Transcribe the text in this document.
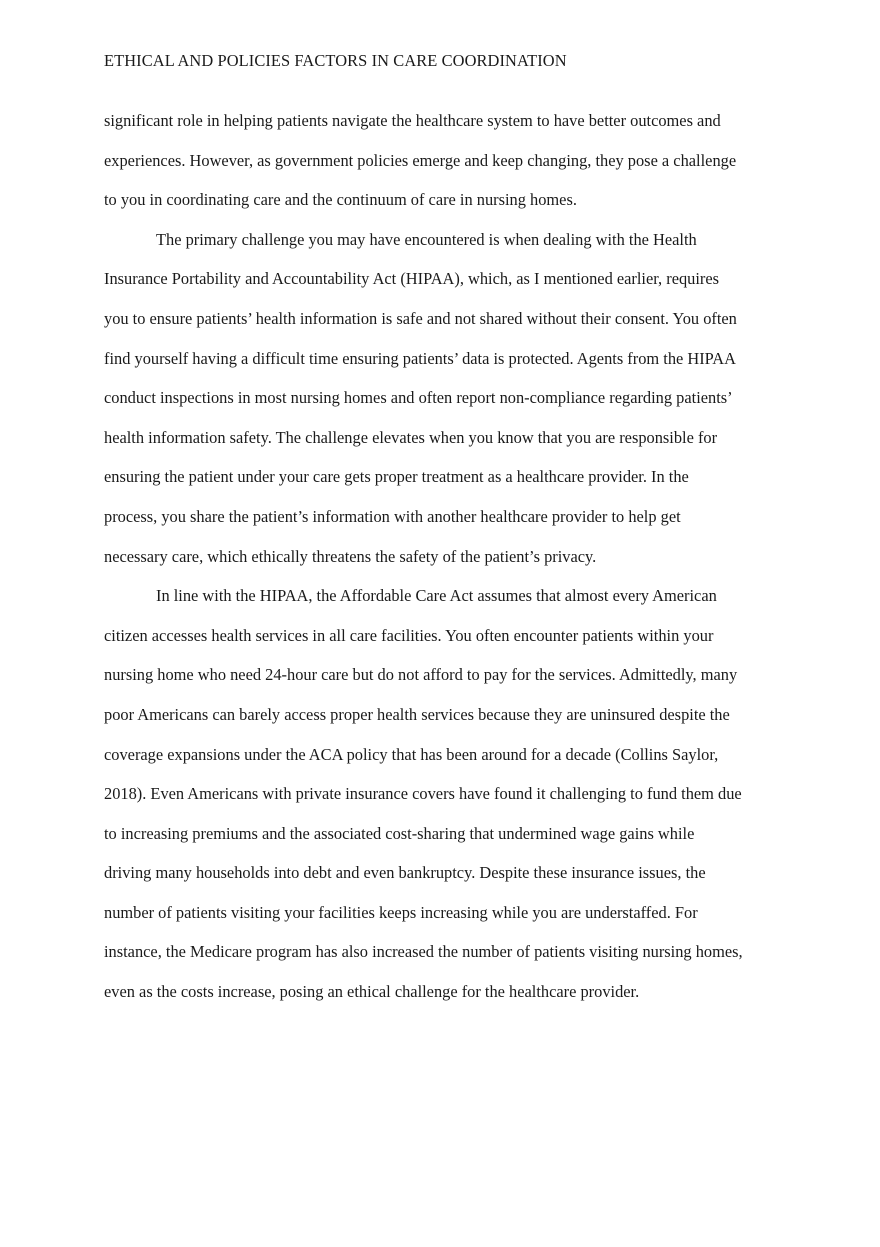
ETHICAL AND POLICIES FACTORS IN CARE COORDINATION
significant role in helping patients navigate the healthcare system to have better outcomes and
experiences. However, as government policies emerge and keep changing, they pose a challenge
to you in coordinating care and the continuum of care in nursing homes.
The primary challenge you may have encountered is when dealing with the Health
Insurance Portability and Accountability Act (HIPAA), which, as I mentioned earlier, requires
you to ensure patients’ health information is safe and not shared without their consent. You often
find yourself having a difficult time ensuring patients’ data is protected. Agents from the HIPAA
conduct inspections in most nursing homes and often report non-compliance regarding patients’
health information safety. The challenge elevates when you know that you are responsible for
ensuring the patient under your care gets proper treatment as a healthcare provider. In the
process, you share the patient’s information with another healthcare provider to help get
necessary care, which ethically threatens the safety of the patient’s privacy.
In line with the HIPAA, the Affordable Care Act assumes that almost every American
citizen accesses health services in all care facilities. You often encounter patients within your
nursing home who need 24-hour care but do not afford to pay for the services. Admittedly, many
poor Americans can barely access proper health services because they are uninsured despite the
coverage expansions under the ACA policy that has been around for a decade (Collins Saylor,
2018). Even Americans with private insurance covers have found it challenging to fund them due
to increasing premiums and the associated cost-sharing that undermined wage gains while
driving many households into debt and even bankruptcy. Despite these insurance issues, the
number of patients visiting your facilities keeps increasing while you are understaffed. For
instance, the Medicare program has also increased the number of patients visiting nursing homes,
even as the costs increase, posing an ethical challenge for the healthcare provider.
